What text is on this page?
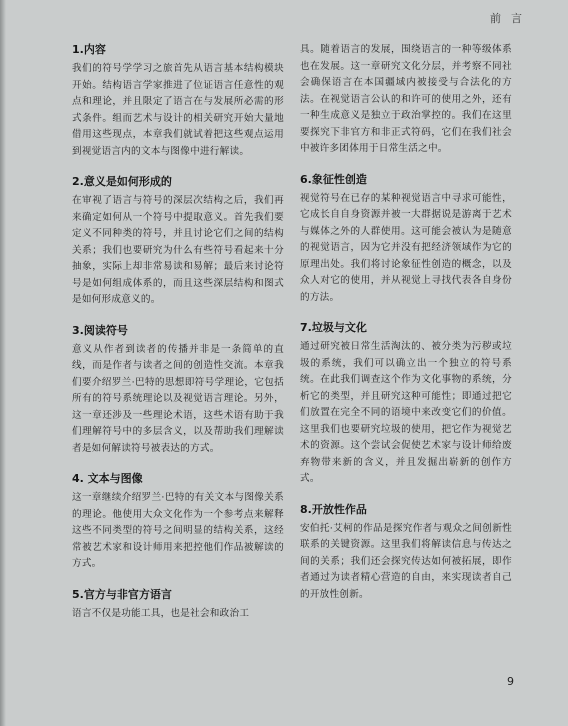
前言
1.内容

我们的符号学学习之旅首先从语言基本结构模块开始。结构语言学家推进了位证语言任意性的观点和理论，并且限定了语言在与发展所必需的形式条件。组而艺术与设计的相关研究开始大量地借用这些现点，本章我们就试着把这些观点运用到视觉语言内的文本与图像中进行解读。

2.意义是如何形成的

在审视了语言与符号的深层次结构之后，我们再来确定如何从一个符号中提取意义。首先我们要定义不同种类的符号，并且讨论它们之间的结构关系；我们也要研究为什么有些符号看起来十分抽象，实际上却非常易读和易解；最后来讨论符号是如何组成体系的，而且这些深层结构和图式是如何形成意义的。

3.阅读符号

意义从作者到读者的传播并非是一条简单的直线，而是作者与读者之间的创造性交流。本章我们要介绍罗兰·巴特的思想即符号学理论，它包括所有的符号系统理论以及视觉语言理论。另外，这一章还涉及一些理论术语，这些术语有助于我们理解符号中的多层含义，以及帮助我们理解读者是如何解读符号被表达的方式。

4. 文本与图像

这一章继续介绍罗兰·巴特的有关文本与图像关系的理论。他使用大众文化作为一个参考点来解释这些不同类型的符号之间明显的结构关系，这经常被艺术家和设计师用来把控他们作品被解读的方式。

5.官方与非官方语言

语言不仅是功能工具，也是社会和政治工

具。随着语言的发展，围绕语言的一种等级体系也在发展。这一章研究文化分层，并考察不同社会确保语言在本国疆域内被接受与合法化的方法。在视觉语言公认的和许可的使用之外，还有一种生成意义是独立于政治掌控的。我们在这里要探究下非官方和非正式符码，它们在我们社会中被许多团体用于日常生活之中。

6.象征性创造

视觉符号在已存的某种视觉语言中寻求可能性，它成长自自身资源并被一大群据说是游离于艺术与媒体之外的人群使用。这可能会被认为是随意的视觉语言，因为它并没有把经济领域作为它的原理出处。我们将讨论象征性创造的概念，以及众人对它的使用，并从视觉上寻找代表各自身份的方法。

7.垃圾与文化

通过研究被日常生活淘汰的、被分类为污秽或垃圾的系统，我们可以确立出一个独立的符号系统。在此我们调查这个作为文化事物的系统，分析它的类型，并且研究这种可能性；即通过把它们放置在完全不同的语境中来改变它们的价值。这里我们也要研究垃圾的使用，把它作为视觉艺术的资源。这个尝试会促使艺术家与设计师给废弃物带来新的含义，并且发掘出崭新的创作方式。

8.开放性作品

安伯托·艾柯的作品是探究作者与观众之间创新性联系的关键资源。这里我们将解读信息与传达之间的关系；我们还会探究传达如何被拓展，即作者通过为读者精心营造的自由，来实现读者自己的开放性创新。

9
